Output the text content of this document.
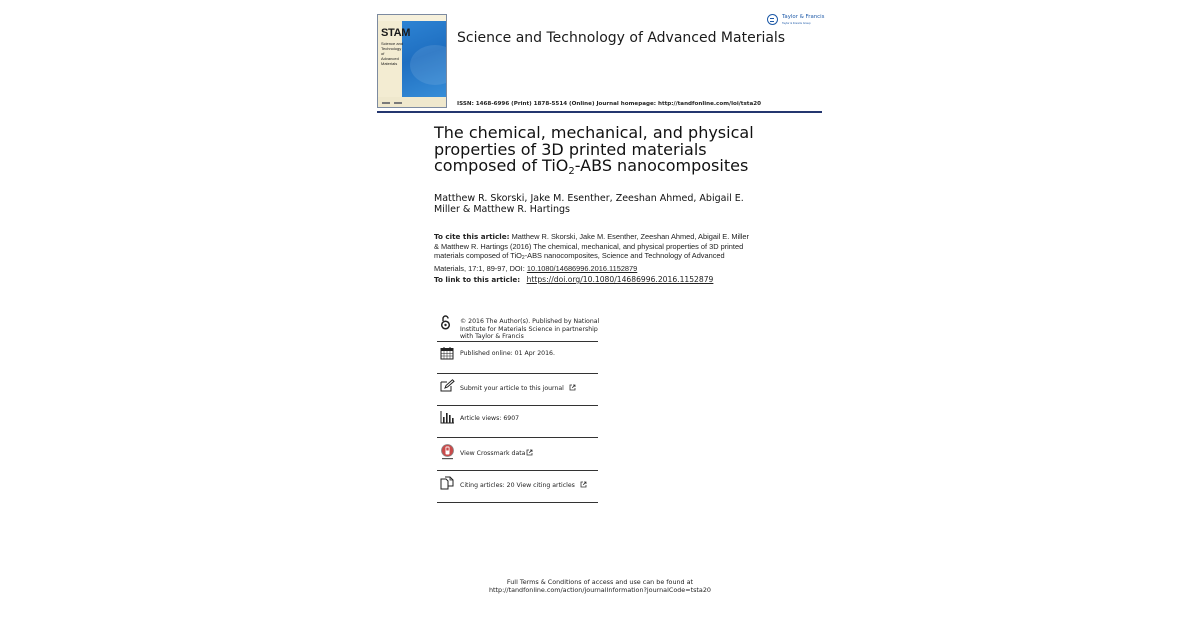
STAM
Science and
Technology of
Advanced
Materials
Science and Technology of Advanced Materials
ISSN: 1468-6996 (Print) 1878-5514 (Online) Journal homepage: http://tandfonline.com/loi/tsta20
Taylor & Francis
Taylor & Francis Group
The chemical, mechanical, and physical properties of 3D printed materials composed of TiO$_2$-ABS nanocomposites
Matthew R. Skorski, Jake M. Esenther, Zeeshan Ahmed, Abigail E. Miller & Matthew R. Hartings
To cite this article: Matthew R. Skorski, Jake M. Esenther, Zeeshan Ahmed, Abigail E. Miller & Matthew R. Hartings (2016) The chemical, mechanical, and physical properties of 3D printed materials composed of TiO$_2$-ABS nanocomposites, Science and Technology of Advanced Materials, 17:1, 89-97, DOI: 10.1080/14686996.2016.1152879
To link to this article: https://doi.org/10.1080/14686996.2016.1152879
© 2016 The Author(s). Published by National Institute for Materials Science in partnership with Taylor & Francis
Published online: 01 Apr 2016.
Submit your article to this journal
Article views: 6907
View Crossmark data
Citing articles: 20 View citing articles
Full Terms & Conditions of access and use can be found at
http://tandfonline.com/action/journalInformation?journalCode=tsta20
